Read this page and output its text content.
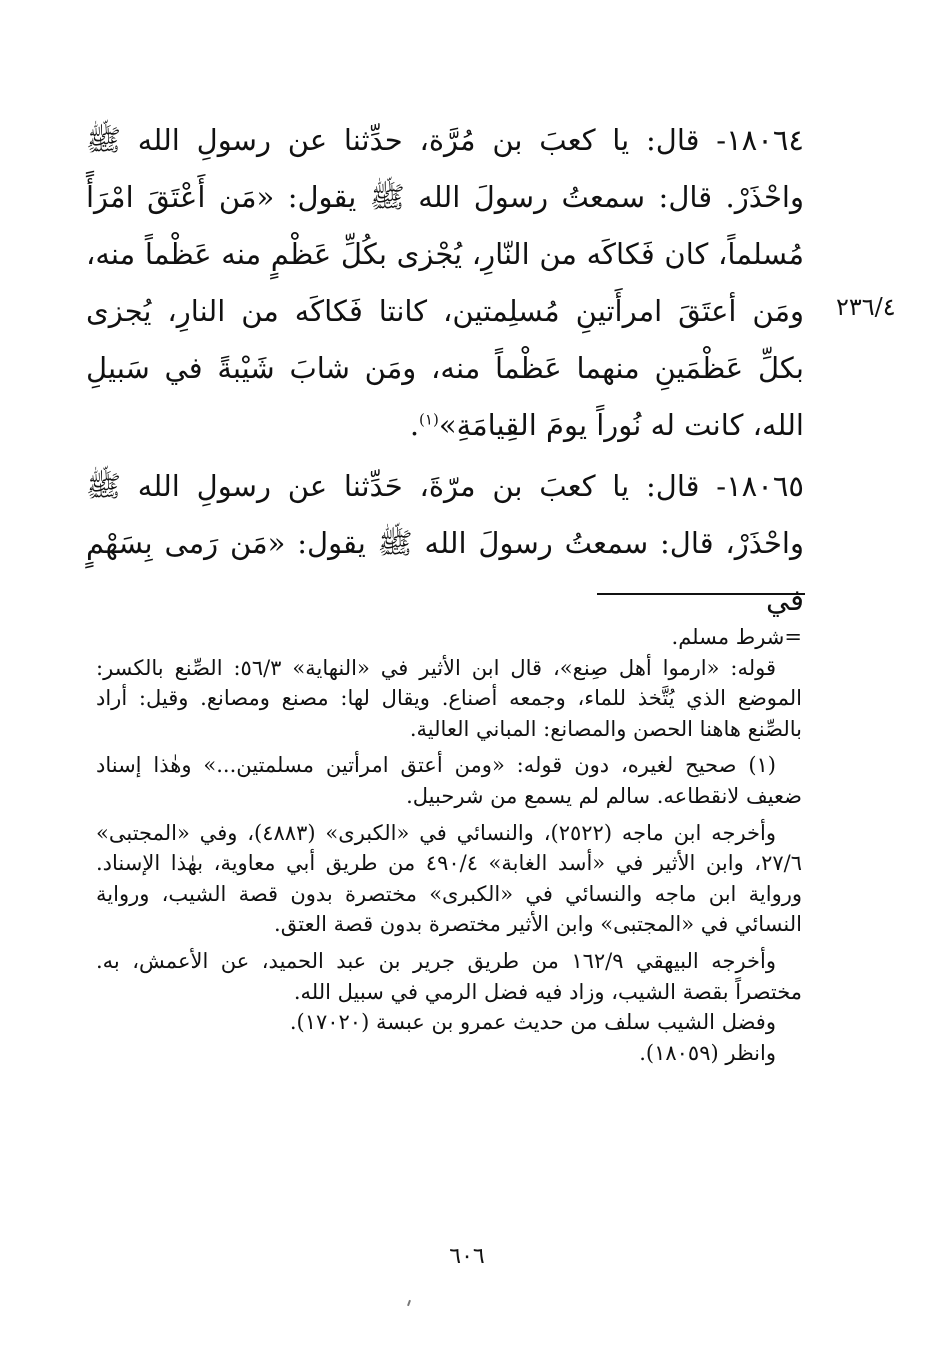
١٨٠٦٤- قال: يا كعبَ بن مُرَّة، حدِّثنا عن رسولِ الله ﷺ واحْذَرْ. قال: سمعتُ رسولَ الله ﷺ يقول: «مَن أَعْتَقَ امْرَأً مُسلماً، كان فَكاكَه من النّارِ، يُجْزى بكُلِّ عَظْمٍ منه عَظْماً منه، ومَن أعتَقَ امرأَتينِ مُسلِمتين، كانتا فَكاكَه من النارِ، يُجزى بكلِّ عَظْمَينِ منهما عَظْماً منه، ومَن شابَ شَيْبةً في سَبيلِ الله، كانت له نُوراً يومَ القِيامَةِ»$^{(١)}$.

١٨٠٦٥- قال: يا كعبَ بن مرّةَ، حَدِّثنا عن رسولِ الله ﷺ واحْذَرْ، قال: سمعتُ رسولَ الله ﷺ يقول: «مَن رَمى بِسَهْمٍ في

٢٣٦/٤

=شرط مسلم.

قوله: «ارموا أهل صِنع»، قال ابن الأثير في «النهاية» ٥٦/٣: الصِّنع بالكسر: الموضع الذي يُتَّخذ للماء، وجمعه أصناع. ويقال لها: مصنع ومصانع. وقيل: أراد بالصِّنع هاهنا الحصن والمصانع: المباني العالية.

(١) صحيح لغيره، دون قوله: «ومن أعتق امرأتين مسلمتين...» وهٰذا إسناد ضعيف لانقطاعه. سالم لم يسمع من شرحبيل.

وأخرجه ابن ماجه (٢٥٢٢)، والنسائي في «الكبرى» (٤٨٨٣)، وفي «المجتبى» ٢٧/٦، وابن الأثير في «أسد الغابة» ٤٩٠/٤ من طريق أبي معاوية، بهٰذا الإسناد. ورواية ابن ماجه والنسائي في «الكبرى» مختصرة بدون قصة الشيب، ورواية النسائي في «المجتبى» وابن الأثير مختصرة بدون قصة العتق.

وأخرجه البيهقي ١٦٢/٩ من طريق جرير بن عبد الحميد، عن الأعمش، به. مختصراً بقصة الشيب، وزاد فيه فضل الرمي في سبيل الله.

وفضل الشيب سلف من حديث عمرو بن عبسة (١٧٠٢٠).

وانظر (١٨٠٥٩).

٦٠٦
